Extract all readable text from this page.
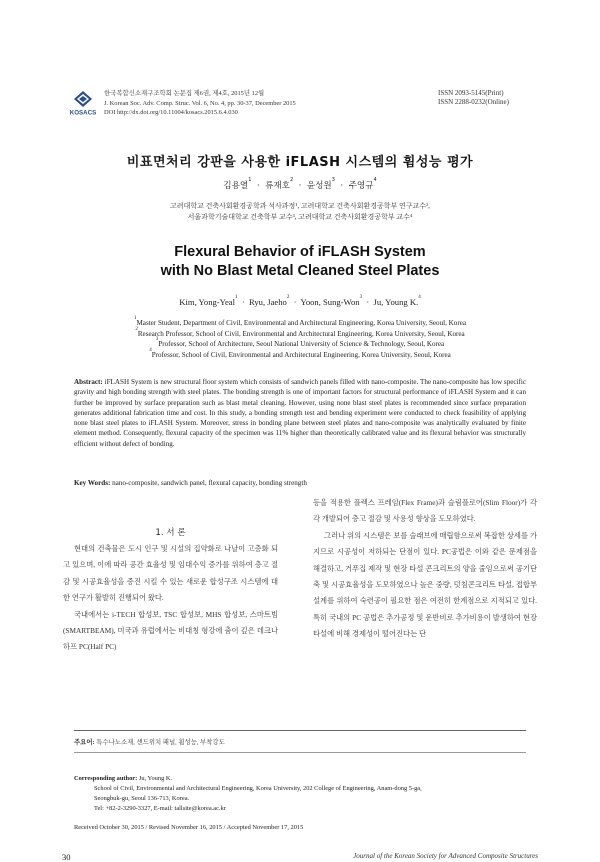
KOSACS
한국복합신소재구조학회 논문집 제6권, 제4호, 2015년 12월
J. Korean Soc. Adv. Comp. Struc. Vol. 6, No. 4, pp. 30-37, December 2015
DOI http://dx.doi.org/10.11004/kosacs.2015.6.4.030
ISSN 2093-5145(Print)
ISSN 2288-0232(Online)
비표면처리 강판을 사용한 iFLASH 시스템의 휨성능 평가
김용열$^1$  ·  류재호$^2$  ·  윤성원$^3$  ·  주영규$^4$
고려대학교 건축사회환경공학과 석사과정¹, 고려대학교 건축사회환경공학부 연구교수²,
서울과학기술대학교 건축학부 교수³, 고려대학교 건축사회환경공학부 교수⁴
Flexural Behavior of iFLASH System
with No Blast Metal Cleaned Steel Plates
Kim, Yong-Yeal$^1$  ·  Ryu, Jaeho$^2$  ·  Yoon, Sung-Won$^3$  ·  Ju, Young K.$^4$
$^1$Master Student, Department of Civil, Environmental and Architectural Engineering, Korea University, Seoul, Korea
$^2$Research Professor, School of Civil, Environmental and Architectural Engineering, Korea University, Seoul, Korea
$^3$Professor, School of Architecture, Seoul National University of Science & Technology, Seoul, Korea
$^4$Professor, School of Civil, Environmental and Architectural Engineering, Korea University, Seoul, Korea
Abstract: iFLASH System is new structural floor system which consists of sandwich panels filled with nano-composite. The nano-composite has low specific gravity and high bonding strength with steel plates. The bonding strength is one of important factors for structural performance of iFLASH System and it can further be improved by surface preparation such as blast metal cleaning. However, using none blast steel plates is recommended since surface preparation generates additional fabrication time and cost. In this study, a bonding strength test and bending experiment were conducted to check feasibility of applying none blast steel plates to iFLASH System. Moreover, stress in bonding plane between steel plates and nano-composite was analytically evaluated by finite element method. Consequently, flexural capacity of the specimen was 11% higher than theoretically calibrated value and its flexural behavior was structurally efficient without defect of bonding.
Key Words: nano-composite, sandwich panel, flexural capacity, bonding strength

등을 적용한 플렉스 프레임(Flex Frame)과 슬림플로어(Slim Floor)가 각각 개발되어 층고 절감 및 사용성 향상을 도모하였다.

그러나 위의 시스템은 보를 슬래브에 매립함으로써 복잡한 상세를 가지므로 시공성이 저하되는 단점이 있다. PC공법은 이와 같은 문제점을 해결하고, 거푸집 제작 및 현장 타설 콘크리트의 양을 줄임으로써 공기단축 및 시공효율성을 도모하였으나 높은 중량, 덧침콘크리트 타설, 접합부 설계를 위하여 숙련공이 필요한 점은 여전히 한계점으로 지적되고 있다. 특히 국내의 PC 공법은 추가공정 및 운반비로 추가비용이 발생하여 현장 타설에 비해 경제성이 떨어진다는 단

1. 서 론

현대의 건축물은 도시 인구 및 시설의 집약화로 나날이 고층화 되고 있으며, 이에 따라 공간 효율성 및 임대수익 증가를 위하여 층고 절감 및 시공효율성을 증진 시킬 수 있는 새로운 합성구조 시스템에 대한 연구가 활발히 진행되어 왔다.

국내에서는 i-TECH 합성보, TSC 합성보, MHS 합성보, 스마트빔(SMARTBEAM), 미국과 유럽에서는 비대칭 형강에 춤이 깊은 데크나 하프 PC(Half PC)

주요어: 특수나노소재, 샌드위치 패널, 휨성능, 부착강도
Corresponding author: Ju, Young K.
School of Civil, Environmental and Architectural Engineering, Korea University, 202 College of Engineering, Anam-dong 5-ga,
Seongbuk-gu, Seoul 136-713, Korea.
Tel: +82-2-3290-3327, E-mail: tallsite@korea.ac.kr
Received October 30, 2015 / Revised November 16, 2015 / Accepted November 17, 2015
30	Journal of the Korean Society for Advanced Composite Structures
